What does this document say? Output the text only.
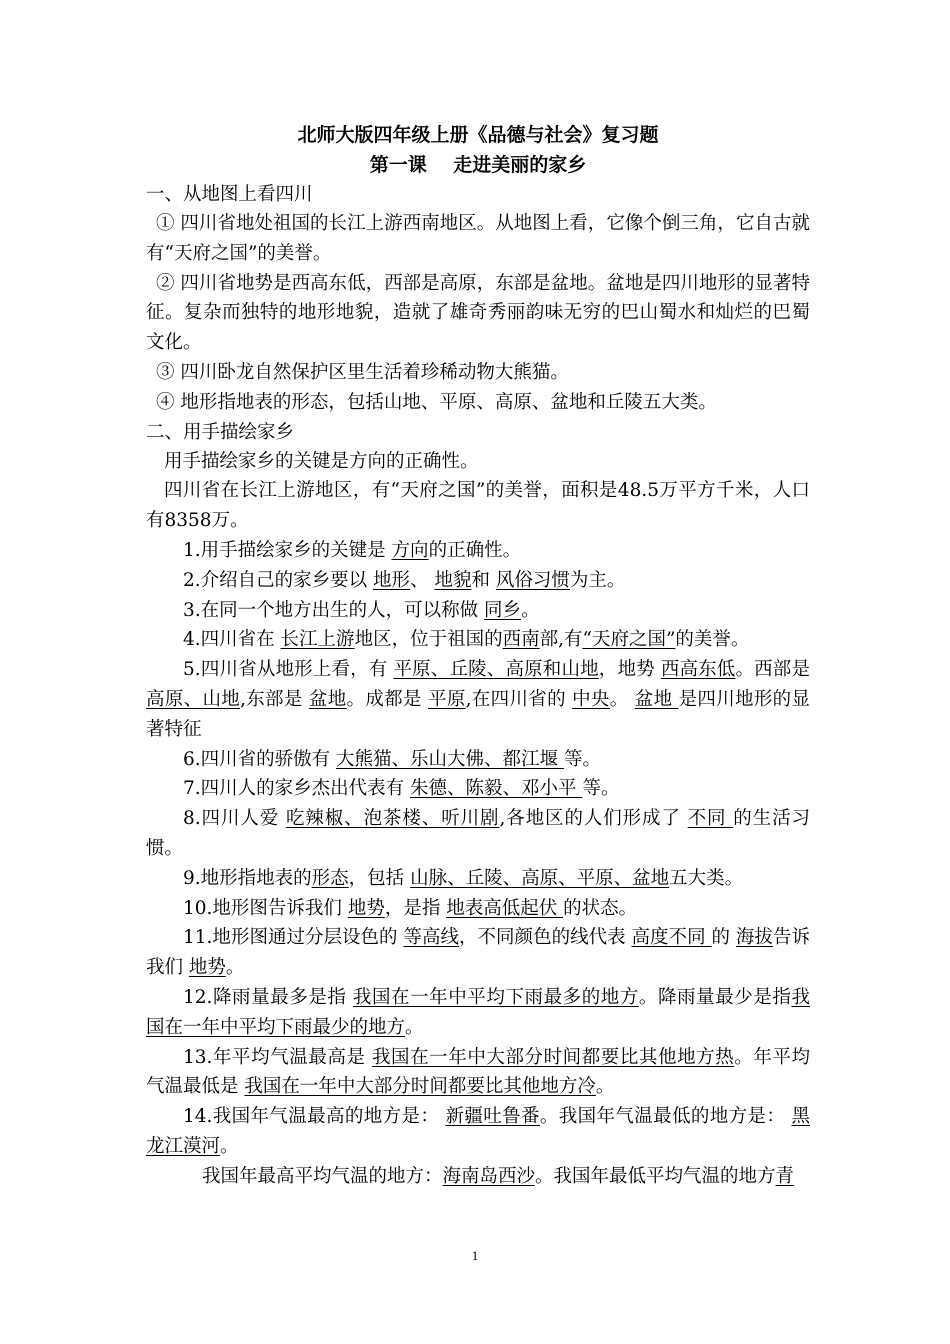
北师大版四年级上册《品德与社会》复习题

第一课    走进美丽的家乡

一、从地图上看四川

① 四川省地处祖国的长江上游西南地区。从地图上看，它像个倒三角，它自古就有“天府之国”的美誉。

② 四川省地势是西高东低，西部是高原，东部是盆地。盆地是四川地形的显著特征。复杂而独特的地形地貌，造就了雄奇秀丽韵味无穷的巴山蜀水和灿烂的巴蜀文化。

③ 四川卧龙自然保护区里生活着珍稀动物大熊猫。

④ 地形指地表的形态，包括山地、平原、高原、盆地和丘陵五大类。

二、用手描绘家乡

用手描绘家乡的关键是方向的正确性。

四川省在长江上游地区，有“天府之国”的美誉，面积是48.5万平方千米，人口有8358万。

1.用手描绘家乡的关键是 方向的正确性。

2.介绍自己的家乡要以 地形、 地貌和 风俗习惯为主。

3.在同一个地方出生的人，可以称做 同乡。

4.四川省在 长江上游地区，位于祖国的西南部,有“天府之国”的美誉。

5.四川省从地形上看，有 平原、丘陵、高原和山地，地势 西高东低。西部是高原、山地,东部是 盆地。成都是 平原,在四川省的 中央。 盆地 是四川地形的显著特征

6.四川省的骄傲有 大熊猫、乐山大佛、都江堰 等。

7.四川人的家乡杰出代表有 朱德、陈毅、邓小平 等。

8.四川人爱 吃辣椒、泡茶楼、听川剧,各地区的人们形成了 不同 的生活习惯。

9.地形指地表的形态，包括 山脉、丘陵、高原、平原、盆地五大类。

10.地形图告诉我们 地势，是指 地表高低起伏 的状态。

11.地形图通过分层设色的 等高线，不同颜色的线代表 高度不同 的 海拔告诉我们 地势。

12.降雨量最多是指 我国在一年中平均下雨最多的地方。降雨量最少是指我国在一年中平均下雨最少的地方。

13.年平均气温最高是 我国在一年中大部分时间都要比其他地方热。年平均气温最低是 我国在一年中大部分时间都要比其他地方冷。

14.我国年气温最高的地方是： 新疆吐鲁番。我国年气温最低的地方是： 黑龙江漠河。

我国年最高平均气温的地方：海南岛西沙。我国年最低平均气温的地方青

1
